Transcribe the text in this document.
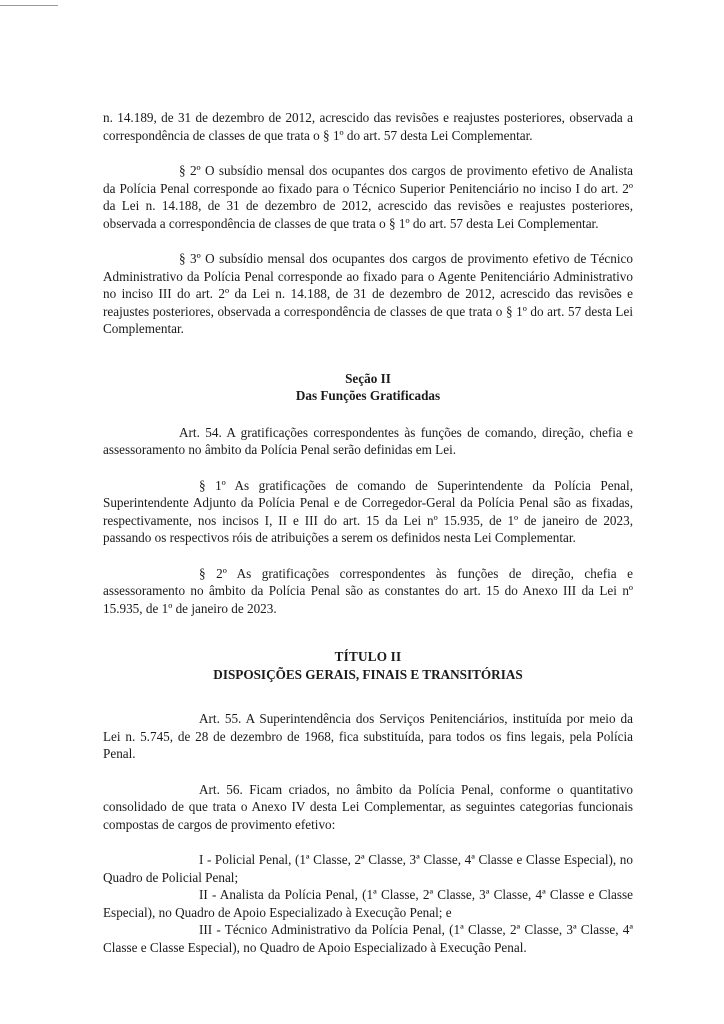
n. 14.189, de 31 de dezembro de 2012, acrescido das revisões e reajustes posteriores, observada a correspondência de classes de que trata o § 1º do art. 57 desta Lei Complementar.

§ 2º O subsídio mensal dos ocupantes dos cargos de provimento efetivo de Analista da Polícia Penal corresponde ao fixado para o Técnico Superior Penitenciário no inciso I do art. 2º da Lei n. 14.188, de 31 de dezembro de 2012, acrescido das revisões e reajustes posteriores, observada a correspondência de classes de que trata o § 1º do art. 57 desta Lei Complementar.

§ 3º O subsídio mensal dos ocupantes dos cargos de provimento efetivo de Técnico Administrativo da Polícia Penal corresponde ao fixado para o Agente Penitenciário Administrativo no inciso III do art. 2º da Lei n. 14.188, de 31 de dezembro de 2012, acrescido das revisões e reajustes posteriores, observada a correspondência de classes de que trata o § 1º do art. 57 desta Lei Complementar.

Seção II
Das Funções Gratificadas

Art. 54. A gratificações correspondentes às funções de comando, direção, chefia e assessoramento no âmbito da Polícia Penal serão definidas em Lei.

§ 1º As gratificações de comando de Superintendente da Polícia Penal, Superintendente Adjunto da Polícia Penal e de Corregedor-Geral da Polícia Penal são as fixadas, respectivamente, nos incisos I, II e III do art. 15 da Lei nº 15.935, de 1º de janeiro de 2023, passando os respectivos róis de atribuições a serem os definidos nesta Lei Complementar.

§ 2º As gratificações correspondentes às funções de direção, chefia e assessoramento no âmbito da Polícia Penal são as constantes do art. 15 do Anexo III da Lei nº 15.935, de 1º de janeiro de 2023.

TÍTULO II
DISPOSIÇÕES GERAIS, FINAIS E TRANSITÓRIAS

Art. 55. A Superintendência dos Serviços Penitenciários, instituída por meio da Lei n. 5.745, de 28 de dezembro de 1968, fica substituída, para todos os fins legais, pela Polícia Penal.

Art. 56. Ficam criados, no âmbito da Polícia Penal, conforme o quantitativo consolidado de que trata o Anexo IV desta Lei Complementar, as seguintes categorias funcionais compostas de cargos de provimento efetivo:

I - Policial Penal, (1ª Classe, 2ª Classe, 3ª Classe, 4ª Classe e Classe Especial), no Quadro de Policial Penal;

II - Analista da Polícia Penal, (1ª Classe, 2ª Classe, 3ª Classe, 4ª Classe e Classe Especial), no Quadro de Apoio Especializado à Execução Penal; e

III - Técnico Administrativo da Polícia Penal, (1ª Classe, 2ª Classe, 3ª Classe, 4ª Classe e Classe Especial), no Quadro de Apoio Especializado à Execução Penal.
